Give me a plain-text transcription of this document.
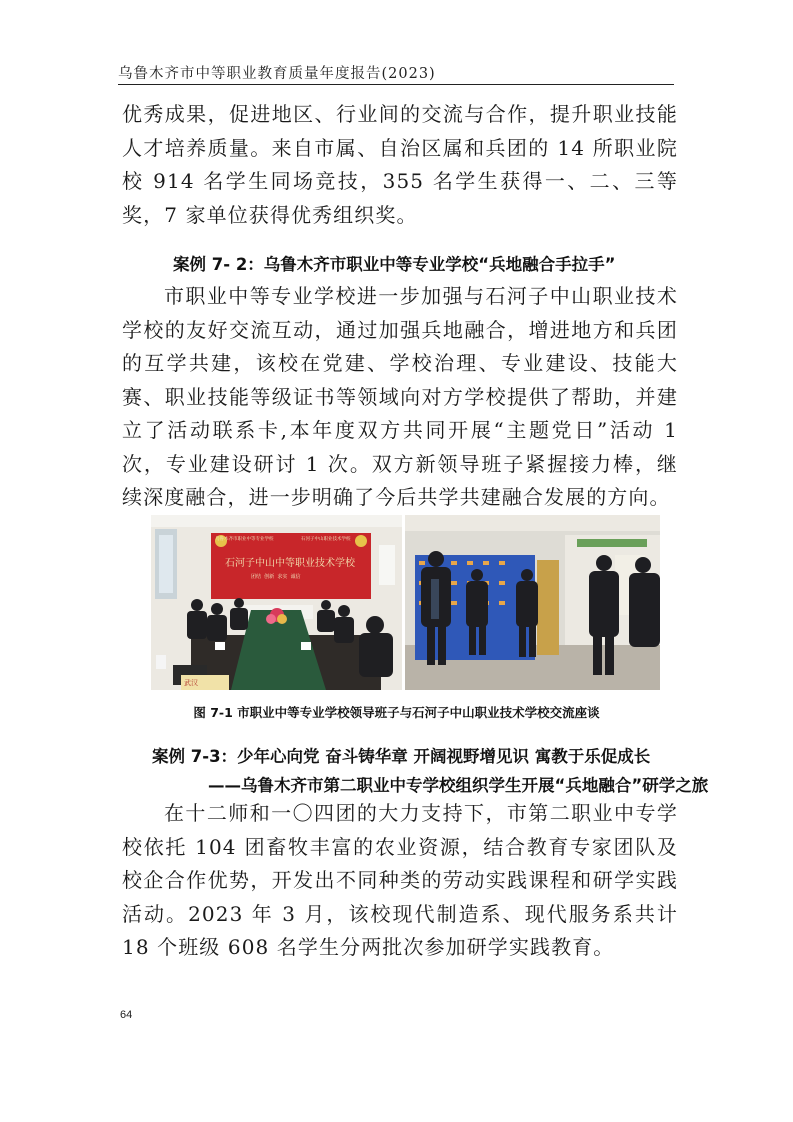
乌鲁木齐市中等职业教育质量年度报告(2023)

优秀成果，促进地区、行业间的交流与合作，提升职业技能人才培养质量。来自市属、自治区属和兵团的 14 所职业院校 914 名学生同场竞技，355 名学生获得一、二、三等奖，7 家单位获得优秀组织奖。

案例 7- 2：乌鲁木齐市职业中等专业学校“兵地融合手拉手”

市职业中等专业学校进一步加强与石河子中山职业技术学校的友好交流互动，通过加强兵地融合，增进地方和兵团的互学共建，该校在党建、学校治理、专业建设、技能大赛、职业技能等级证书等领域向对方学校提供了帮助，并建立了活动联系卡,本年度双方共同开展“主题党日”活动 1 次，专业建设研讨 1 次。双方新领导班子紧握接力棒，继续深度融合，进一步明确了今后共学共建融合发展的方向。

乌鲁木齐市职业中等专业学校	石河子中山职业技术学校
石河子中山中等职业技术学校
团结  创新  求实  诚信
武汉

图 7-1 市职业中等专业学校领导班子与石河子中山职业技术学校交流座谈

案例 7-3：少年心向党 奋斗铸华章 开阔视野增见识 寓教于乐促成长

——乌鲁木齐市第二职业中专学校组织学生开展“兵地融合”研学之旅

在十二师和一〇四团的大力支持下，市第二职业中专学校依托 104 团畜牧丰富的农业资源，结合教育专家团队及校企合作优势，开发出不同种类的劳动实践课程和研学实践活动。2023 年 3 月，该校现代制造系、现代服务系共计 18 个班级 608 名学生分两批次参加研学实践教育。

64
